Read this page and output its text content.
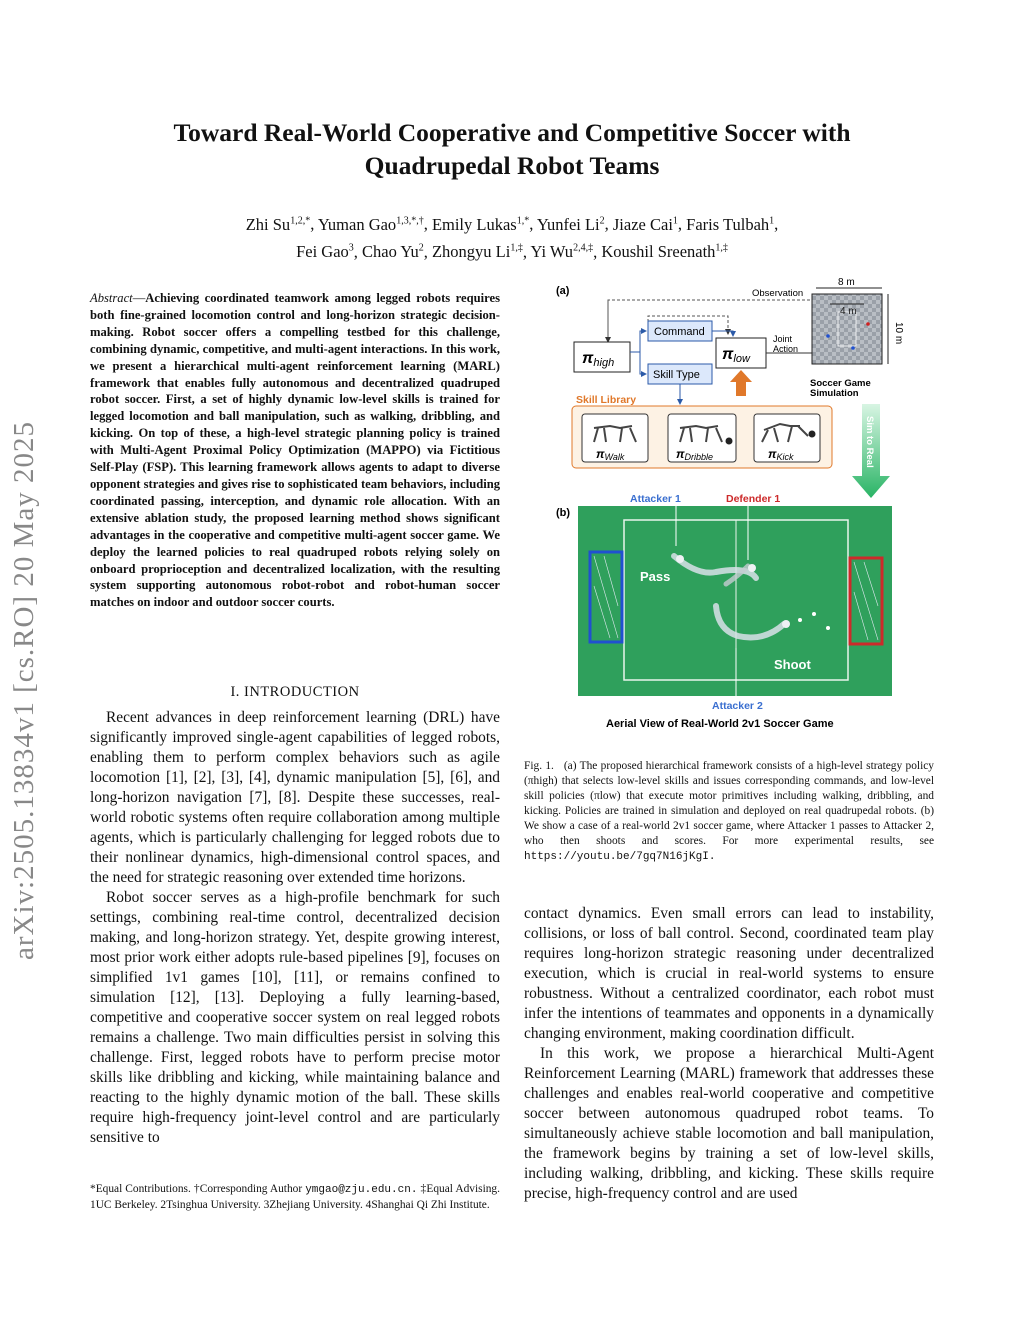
Toward Real-World Cooperative and Competitive Soccer with
Quadrupedal Robot Teams
Zhi $Su^{1,2,*}$, Yuman Gao$^{1,3,*,\dagger}$, Emily Lukas$^{1,*}$, Yunfei Li$^2$, Jiaze Cai$^1$, Faris Tulbah$^1$,
Fei Gao$^3$, Chao Yu$^2$, Zhongyu $Li^{1,\ddagger}$, Yi $Wu^{2,4,\ddagger}$, Koushil Sreenath$^{1,\ddagger}$
arXiv:2505.13834v1 [cs.RO] 20 May 2025
Abstract—Achieving coordinated teamwork among legged robots requires both fine-grained locomotion control and long-horizon strategic decision-making. Robot soccer offers a compelling testbed for this challenge, combining dynamic, competitive, and multi-agent interactions. In this work, we present a hierarchical multi-agent reinforcement learning (MARL) framework that enables fully autonomous and decentralized quadruped robot soccer. First, a set of highly dynamic low-level skills is trained for legged locomotion and ball manipulation, such as walking, dribbling, and kicking. On top of these, a high-level strategic planning policy is trained with Multi-Agent Proximal Policy Optimization (MAPPO) via Fictitious Self-Play (FSP). This learning framework allows agents to adapt to diverse opponent strategies and gives rise to sophisticated team behaviors, including coordinated passing, interception, and dynamic role allocation. With an extensive ablation study, the proposed learning method shows significant advantages in the cooperative and competitive multi-agent soccer game. We deploy the learned policies to real quadruped robots relying solely on onboard proprioception and decentralized localization, with the resulting system supporting autonomous robot-robot and robot-human soccer matches on indoor and outdoor soccer courts.
I. INTRODUCTION

Recent advances in deep reinforcement learning (DRL) have significantly improved single-agent capabilities of legged robots, enabling them to perform complex behaviors such as agile locomotion [1], [2], [3], [4], dynamic manipulation [5], [6], and long-horizon navigation [7], [8]. Despite these successes, real-world robotic systems often require collaboration among multiple agents, which is particularly challenging for legged robots due to their nonlinear dynamics, high-dimensional control spaces, and the need for strategic reasoning over extended time horizons.

Robot soccer serves as a high-profile benchmark for such settings, combining real-time control, decentralized decision making, and long-horizon strategy. Yet, despite growing interest, most prior work either adopts rule-based pipelines [9], focuses on simplified 1v1 games [10], [11], or remains confined to simulation [12], [13]. Deploying a fully learning-based, competitive and cooperative soccer system on real legged robots remains a challenge. Two main difficulties persist in solving this challenge. First, legged robots have to perform precise motor skills like dribbling and kicking, while maintaining balance and reacting to the highly dynamic motion of the ball. These skills require high-frequency joint-level control and are particularly sensitive to

*Equal Contributions. †Corresponding Author ymgao@zju.edu.cn. ‡Equal Advising. 1UC Berkeley. 2Tsinghua University. 3Zhejiang University. 4Shanghai Qi Zhi Institute.
(a)	Observation
πhigh
Command
Skill Type
πlow
Joint
Action
Skill Library
πWalk	πDribble	πKick
8 m
4 m
10 m
Soccer Game
Simulation
Sim to Real
(b)
Attacker 1	Defender 1
Pass
Shoot
Attacker 2
Aerial View of Real-World 2v1 Soccer Game
Fig. 1. (a) The proposed hierarchical framework consists of a high-level strategy policy (πhigh) that selects low-level skills and issues corresponding commands, and low-level skill policies (πlow) that execute motor primitives including walking, dribbling, and kicking. Policies are trained in simulation and deployed on real quadrupedal robots. (b) We show a case of a real-world 2v1 soccer game, where Attacker 1 passes to Attacker 2, who then shoots and scores. For more experimental results, see https://youtu.be/7gq7N16jKgI.

contact dynamics. Even small errors can lead to instability, collisions, or loss of ball control. Second, coordinated team play requires long-horizon strategic reasoning under decentralized execution, which is crucial in real-world systems to ensure robustness. Without a centralized coordinator, each robot must infer the intentions of teammates and opponents in a dynamically changing environment, making coordination difficult.

In this work, we propose a hierarchical Multi-Agent Reinforcement Learning (MARL) framework that addresses these challenges and enables real-world cooperative and competitive soccer between autonomous quadruped robot teams. To simultaneously achieve stable locomotion and ball manipulation, the framework begins by training a set of low-level skills, including walking, dribbling, and kicking. These skills require precise, high-frequency control and are used
